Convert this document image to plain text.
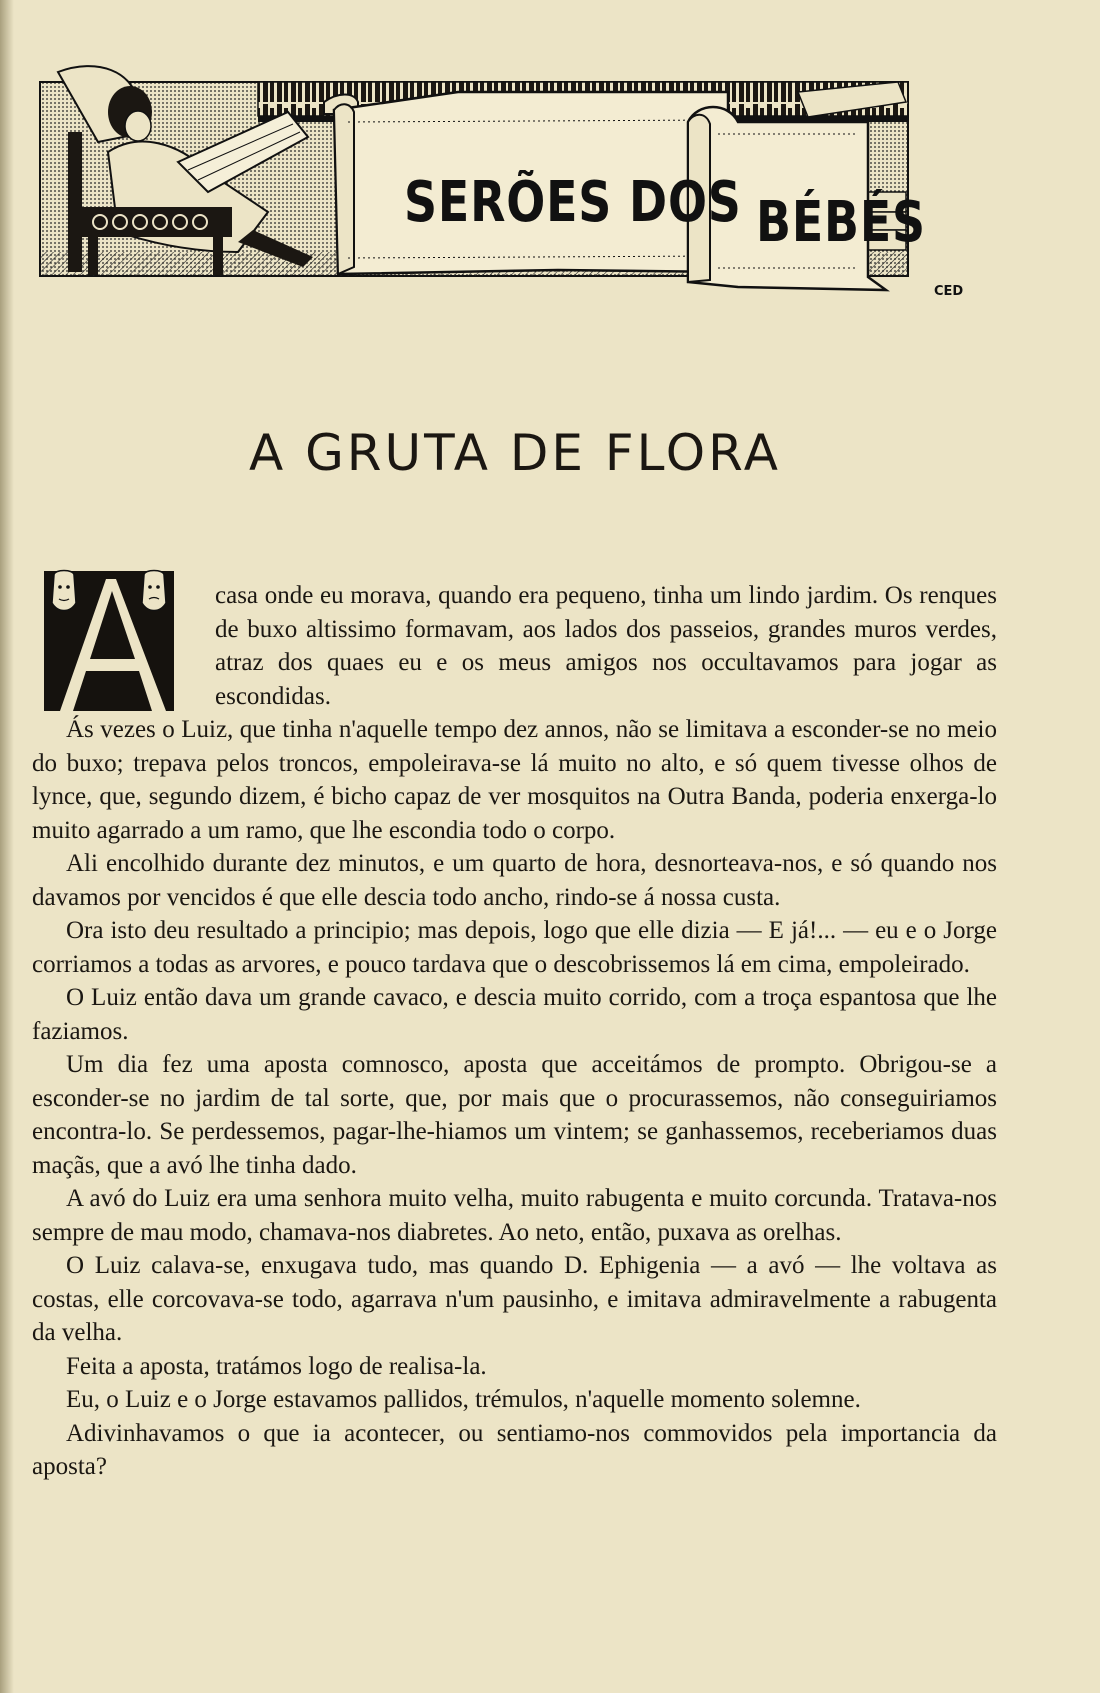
SERÕES DOS BÉBÉS
CED
A GRUTA DE FLORA

casa onde eu morava, quando era pequeno, tinha um lindo jardim. Os renques de buxo altissimo formavam, aos lados dos passeios, grandes muros verdes, atraz dos quaes eu e os meus amigos nos occultavamos para jogar as escondidas.

Ás vezes o Luiz, que tinha n'aquelle tempo dez annos, não se limitava a esconder-se no meio do buxo; trepava pelos troncos, empoleirava-se lá muito no alto, e só quem tivesse olhos de lynce, que, segundo dizem, é bicho capaz de ver mosquitos na Outra Banda, poderia enxerga-lo muito agarrado a um ramo, que lhe escondia todo o corpo.

Ali encolhido durante dez minutos, e um quarto de hora, desnorteava-nos, e só quando nos davamos por vencidos é que elle descia todo ancho, rindo-se á nossa custa.

Ora isto deu resultado a principio; mas depois, logo que elle dizia — E já!... — eu e o Jorge corriamos a todas as arvores, e pouco tardava que o descobrissemos lá em cima, empoleirado.

O Luiz então dava um grande cavaco, e descia muito corrido, com a troça espantosa que lhe faziamos.

Um dia fez uma aposta comnosco, aposta que acceitámos de prompto. Obrigou-se a esconder-se no jardim de tal sorte, que, por mais que o procurassemos, não conseguiriamos encontra-lo. Se perdessemos, pagar-lhe-hiamos um vintem; se ganhassemos, receberiamos duas maçãs, que a avó lhe tinha dado.

A avó do Luiz era uma senhora muito velha, muito rabugenta e muito corcunda. Tratava-nos sempre de mau modo, chamava-nos diabretes. Ao neto, então, puxava as orelhas.

O Luiz calava-se, enxugava tudo, mas quando D. Ephigenia — a avó — lhe voltava as costas, elle corcovava-se todo, agarrava n'um pausinho, e imitava admiravelmente a rabugenta da velha.

Feita a aposta, tratámos logo de realisa-la.

Eu, o Luiz e o Jorge estavamos pallidos, trémulos, n'aquelle momento solemne.

Adivinhavamos o que ia acontecer, ou sentiamo-nos commovidos pela importancia da aposta?
